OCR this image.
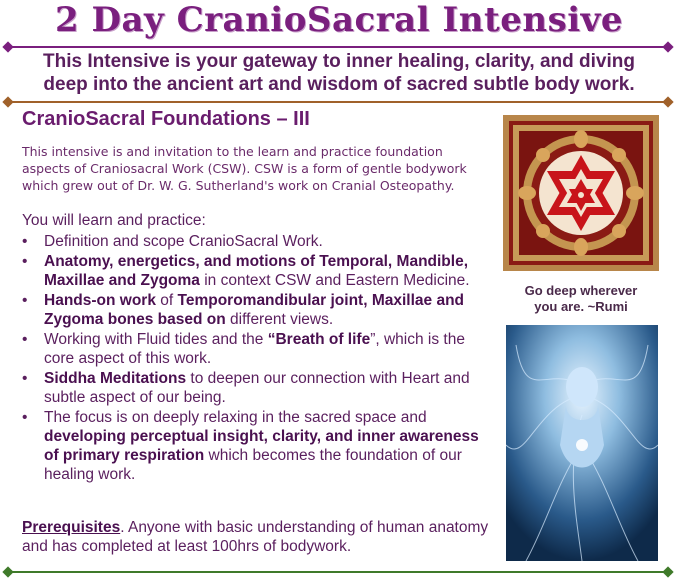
2 Day CranioSacral Intensive
This Intensive is your gateway to inner healing, clarity, and diving
deep into the ancient art and wisdom of sacred subtle body work.
CranioSacral Foundations – III
This intensive is and invitation to the learn and practice foundation aspects of Craniosacral Work (CSW). CSW is a form of gentle bodywork which grew out of Dr. W. G. Sutherland's work on Cranial Osteopathy.
You will learn and practice:
• Definition and scope CranioSacral Work.
• Anatomy, energetics, and motions of Temporal, Mandible, Maxillae and Zygoma in context CSW and Eastern Medicine.
• Hands-on work of Temporomandibular joint, Maxillae and Zygoma bones based on different views.
• Working with Fluid tides and the “Breath of life”, which is the core aspect of this work.
• Siddha Meditations to deepen our connection with Heart and subtle aspect of our being.
• The focus is on deeply relaxing in the sacred space and developing perceptual insight, clarity, and inner awareness of primary respiration which becomes the foundation of our healing work.
Prerequisites. Anyone with basic understanding of human anatomy and has completed at least 100hrs of bodywork.
Go deep wherever
you are. ~Rumi
